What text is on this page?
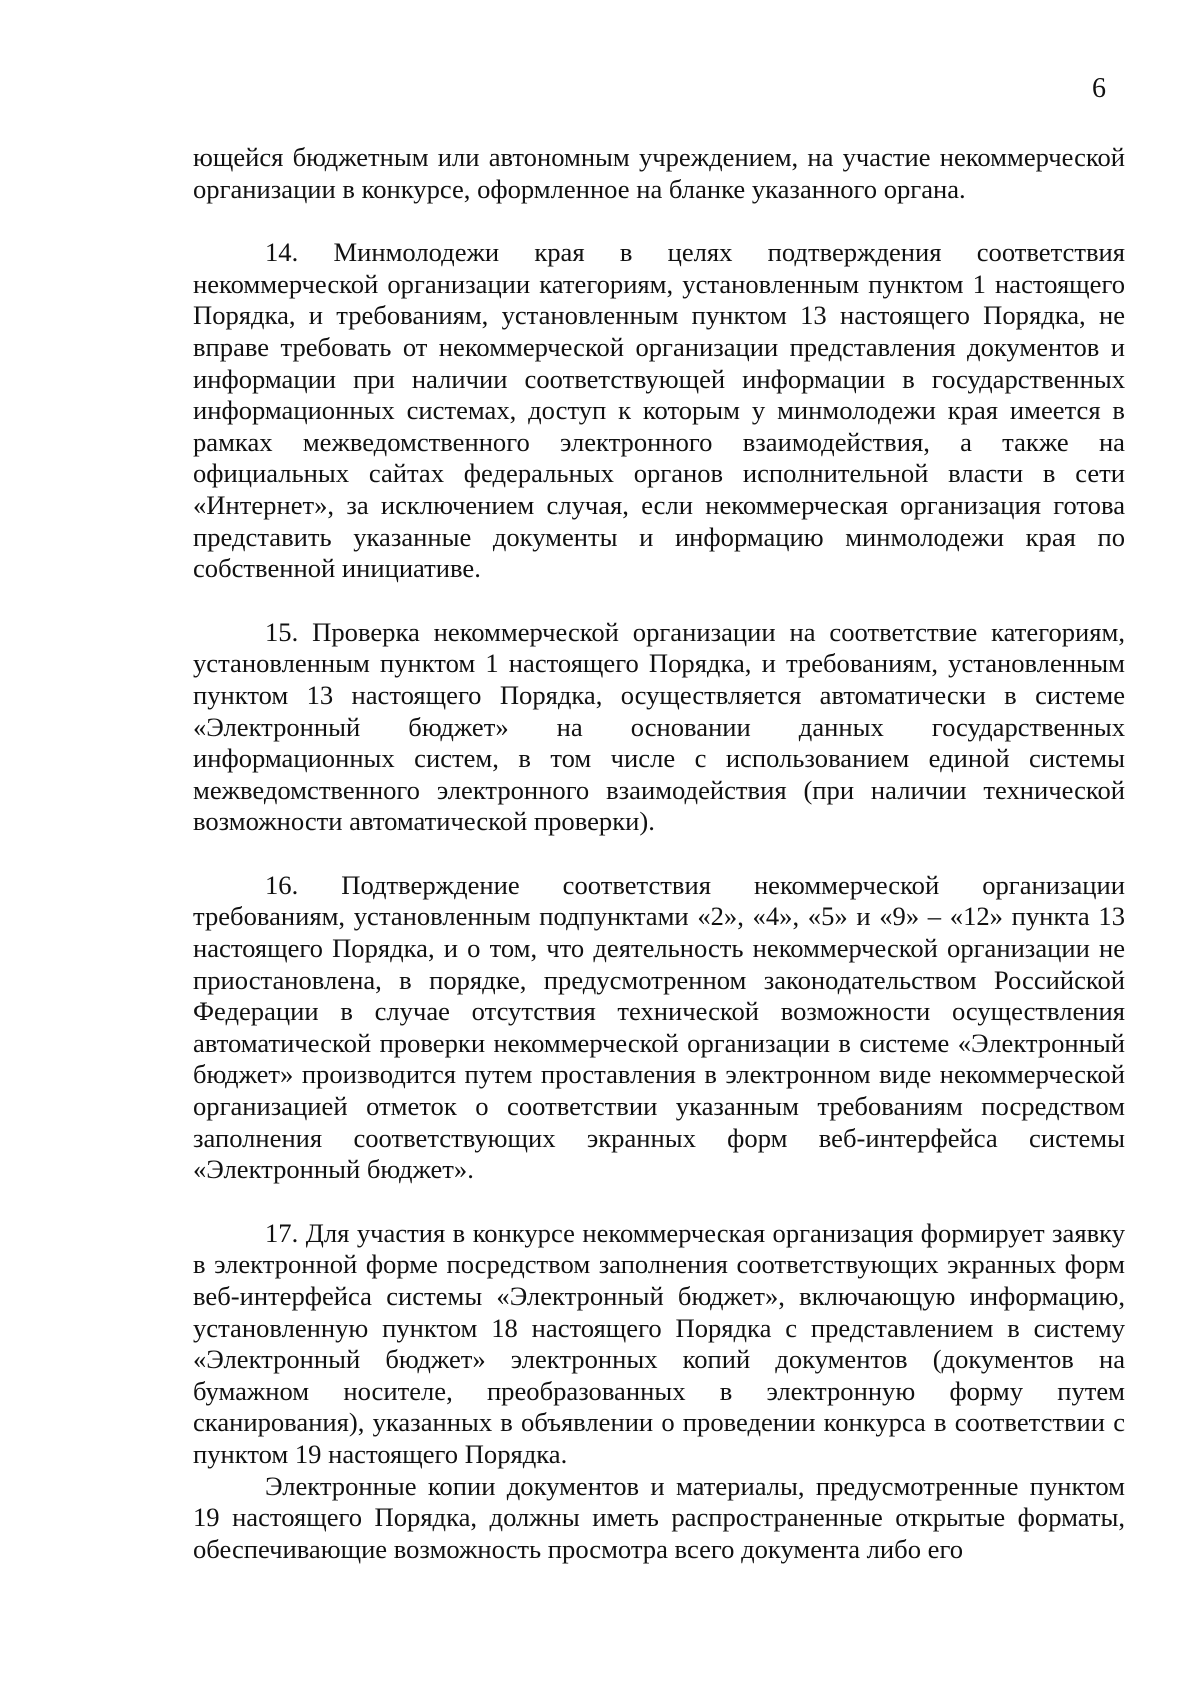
6

ющейся бюджетным или автономным учреждением, на участие некоммерческой организации в конкурсе, оформленное на бланке указанного органа.

14. Минмолодежи края в целях подтверждения соответствия некоммерческой организации категориям, установленным пунктом 1 настоящего Порядка, и требованиям, установленным пунктом 13 настоящего Порядка, не вправе требовать от некоммерческой организации представления документов и информации при наличии соответствующей информации в государственных информационных системах, доступ к которым у минмолодежи края имеется в рамках межведомственного электронного взаимодействия, а также на официальных сайтах федеральных органов исполнительной власти в сети «Интернет», за исключением случая, если некоммерческая организация готова представить указанные документы и информацию минмолодежи края по собственной инициативе.

15. Проверка некоммерческой организации на соответствие категориям, установленным пунктом 1 настоящего Порядка, и требованиям, установленным пунктом 13 настоящего Порядка, осуществляется автоматически в системе «Электронный бюджет» на основании данных государственных информационных систем, в том числе с использованием единой системы межведомственного электронного взаимодействия (при наличии технической возможности автоматической проверки).

16. Подтверждение соответствия некоммерческой организации требованиям, установленным подпунктами «2», «4», «5» и «9» – «12» пункта 13 настоящего Порядка, и о том, что деятельность некоммерческой организации не приостановлена, в порядке, предусмотренном законодательством Российской Федерации в случае отсутствия технической возможности осуществления автоматической проверки некоммерческой организации в системе «Электронный бюджет» производится путем проставления в электронном виде некоммерческой организацией отметок о соответствии указанным требованиям посредством заполнения соответствующих экранных форм веб-интерфейса системы «Электронный бюджет».

17. Для участия в конкурсе некоммерческая организация формирует заявку в электронной форме посредством заполнения соответствующих экранных форм веб-интерфейса системы «Электронный бюджет», включающую информацию, установленную пунктом 18 настоящего Порядка с представлением в систему «Электронный бюджет» электронных копий документов (документов на бумажном носителе, преобразованных в электронную форму путем сканирования), указанных в объявлении о проведении конкурса в соответствии с пунктом 19 настоящего Порядка.

Электронные копии документов и материалы, предусмотренные пунктом 19 настоящего Порядка, должны иметь распространенные открытые форматы, обеспечивающие возможность просмотра всего документа либо его
